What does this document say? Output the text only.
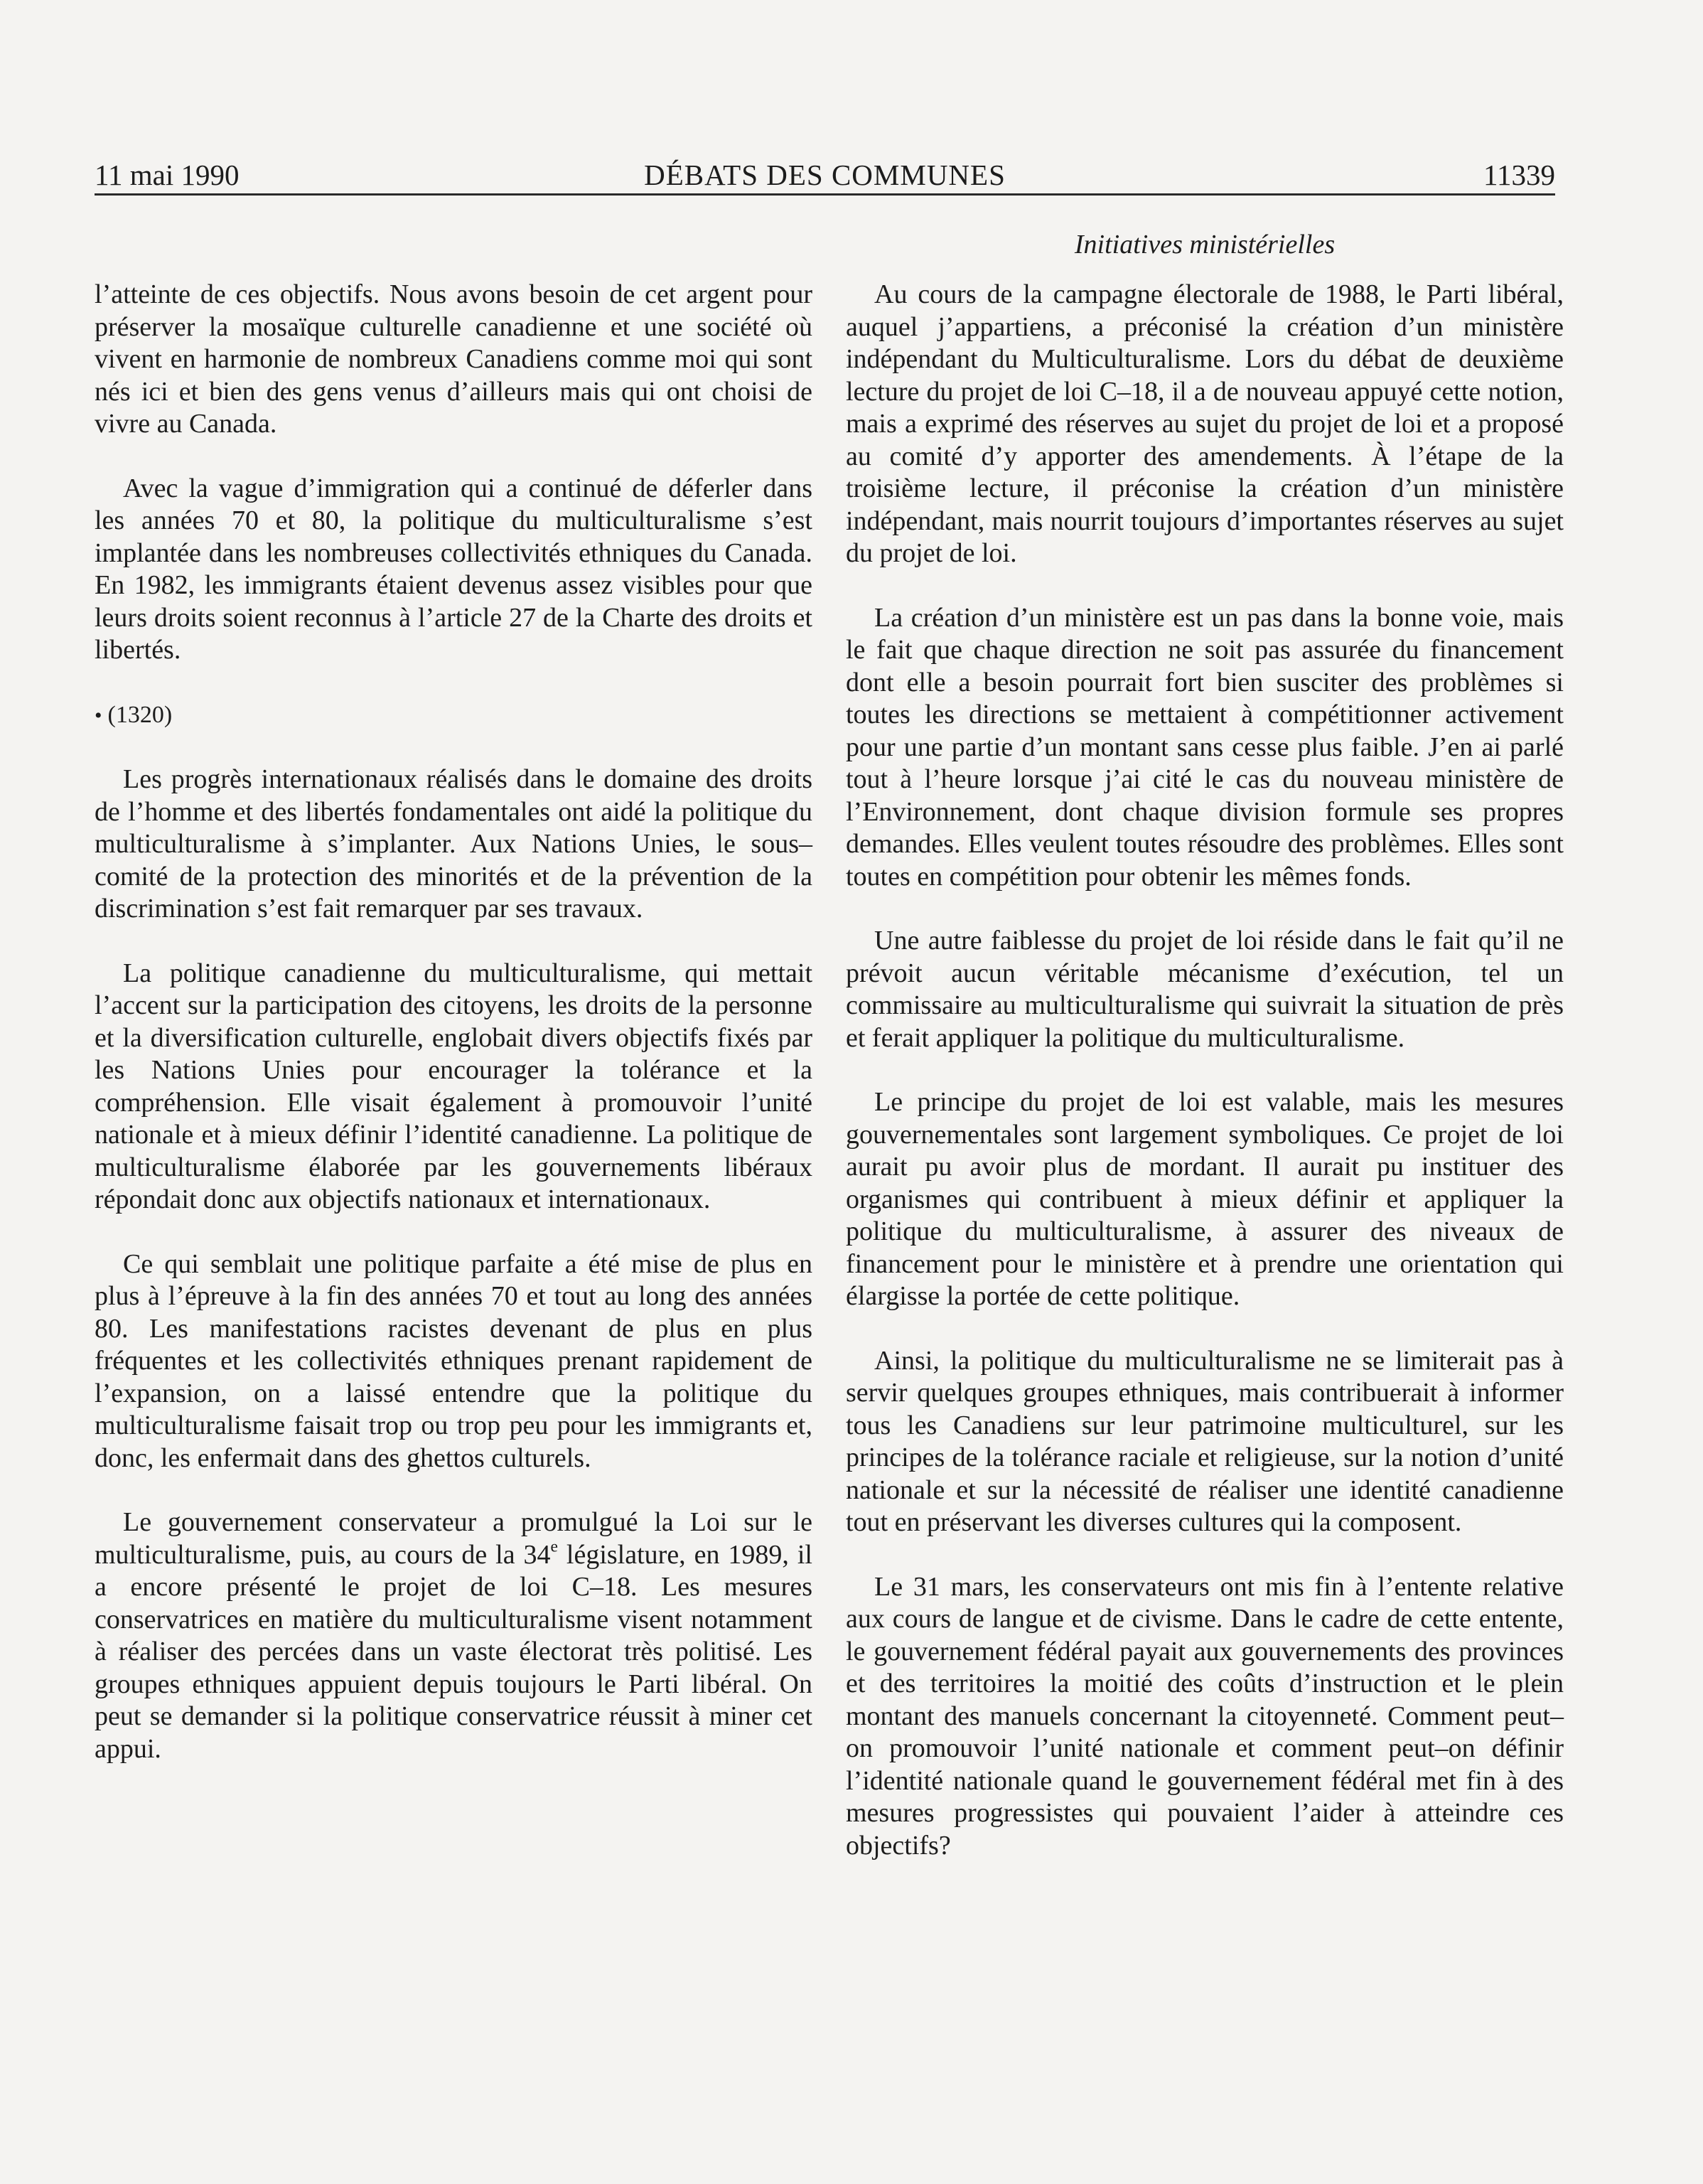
11 mai 1990	DÉBATS DES COMMUNES	11339
Initiatives ministérielles

l’atteinte de ces objectifs. Nous avons besoin de cet argent pour préserver la mosaïque culturelle canadienne et une société où vivent en harmonie de nombreux Canadiens comme moi qui sont nés ici et bien des gens venus d’ailleurs mais qui ont choisi de vivre au Canada.

Avec la vague d’immigration qui a continué de déferler dans les années 70 et 80, la politique du multiculturalisme s’est implantée dans les nombreuses collectivités ethniques du Canada. En 1982, les immigrants étaient devenus assez visibles pour que leurs droits soient reconnus à l’article 27 de la Charte des droits et libertés.

• (1320)

Les progrès internationaux réalisés dans le domaine des droits de l’homme et des libertés fondamentales ont aidé la politique du multiculturalisme à s’implanter. Aux Nations Unies, le sous–comité de la protection des minorités et de la prévention de la discrimination s’est fait remarquer par ses travaux.

La politique canadienne du multiculturalisme, qui mettait l’accent sur la participation des citoyens, les droits de la personne et la diversification culturelle, englobait divers objectifs fixés par les Nations Unies pour encourager la tolérance et la compréhension. Elle visait également à promouvoir l’unité nationale et à mieux définir l’identité canadienne. La politique de multiculturalisme élaborée par les gouvernements libéraux répondait donc aux objectifs nationaux et internationaux.

Ce qui semblait une politique parfaite a été mise de plus en plus à l’épreuve à la fin des années 70 et tout au long des années 80. Les manifestations racistes devenant de plus en plus fréquentes et les collectivités ethniques prenant rapidement de l’expansion, on a laissé entendre que la politique du multiculturalisme faisait trop ou trop peu pour les immigrants et, donc, les enfermait dans des ghettos culturels.

Le gouvernement conservateur a promulgué la Loi sur le multiculturalisme, puis, au cours de la 34e législature, en 1989, il a encore présenté le projet de loi C–18. Les mesures conservatrices en matière du multiculturalisme visent notamment à réaliser des percées dans un vaste électorat très politisé. Les groupes ethniques appuient depuis toujours le Parti libéral. On peut se demander si la politique conservatrice réussit à miner cet appui.

Au cours de la campagne électorale de 1988, le Parti libéral, auquel j’appartiens, a préconisé la création d’un ministère indépendant du Multiculturalisme. Lors du débat de deuxième lecture du projet de loi C–18, il a de nouveau appuyé cette notion, mais a exprimé des réserves au sujet du projet de loi et a proposé au comité d’y apporter des amendements. À l’étape de la troisième lecture, il préconise la création d’un ministère indépendant, mais nourrit toujours d’importantes réserves au sujet du projet de loi.

La création d’un ministère est un pas dans la bonne voie, mais le fait que chaque direction ne soit pas assurée du financement dont elle a besoin pourrait fort bien susciter des problèmes si toutes les directions se mettaient à compétitionner activement pour une partie d’un montant sans cesse plus faible. J’en ai parlé tout à l’heure lorsque j’ai cité le cas du nouveau ministère de l’Environnement, dont chaque division formule ses propres demandes. Elles veulent toutes résoudre des problèmes. Elles sont toutes en compétition pour obtenir les mêmes fonds.

Une autre faiblesse du projet de loi réside dans le fait qu’il ne prévoit aucun véritable mécanisme d’exécution, tel un commissaire au multiculturalisme qui suivrait la situation de près et ferait appliquer la politique du multiculturalisme.

Le principe du projet de loi est valable, mais les mesures gouvernementales sont largement symboliques. Ce projet de loi aurait pu avoir plus de mordant. Il aurait pu instituer des organismes qui contribuent à mieux définir et appliquer la politique du multiculturalisme, à assurer des niveaux de financement pour le ministère et à prendre une orientation qui élargisse la portée de cette politique.

Ainsi, la politique du multiculturalisme ne se limiterait pas à servir quelques groupes ethniques, mais contribuerait à informer tous les Canadiens sur leur patrimoine multiculturel, sur les principes de la tolérance raciale et religieuse, sur la notion d’unité nationale et sur la nécessité de réaliser une identité canadienne tout en préservant les diverses cultures qui la composent.

Le 31 mars, les conservateurs ont mis fin à l’entente relative aux cours de langue et de civisme. Dans le cadre de cette entente, le gouvernement fédéral payait aux gouvernements des provinces et des territoires la moitié des coûts d’instruction et le plein montant des manuels concernant la citoyenneté. Comment peut–on promouvoir l’unité nationale et comment peut–on définir l’identité nationale quand le gouvernement fédéral met fin à des mesures progressistes qui pouvaient l’aider à atteindre ces objectifs?
